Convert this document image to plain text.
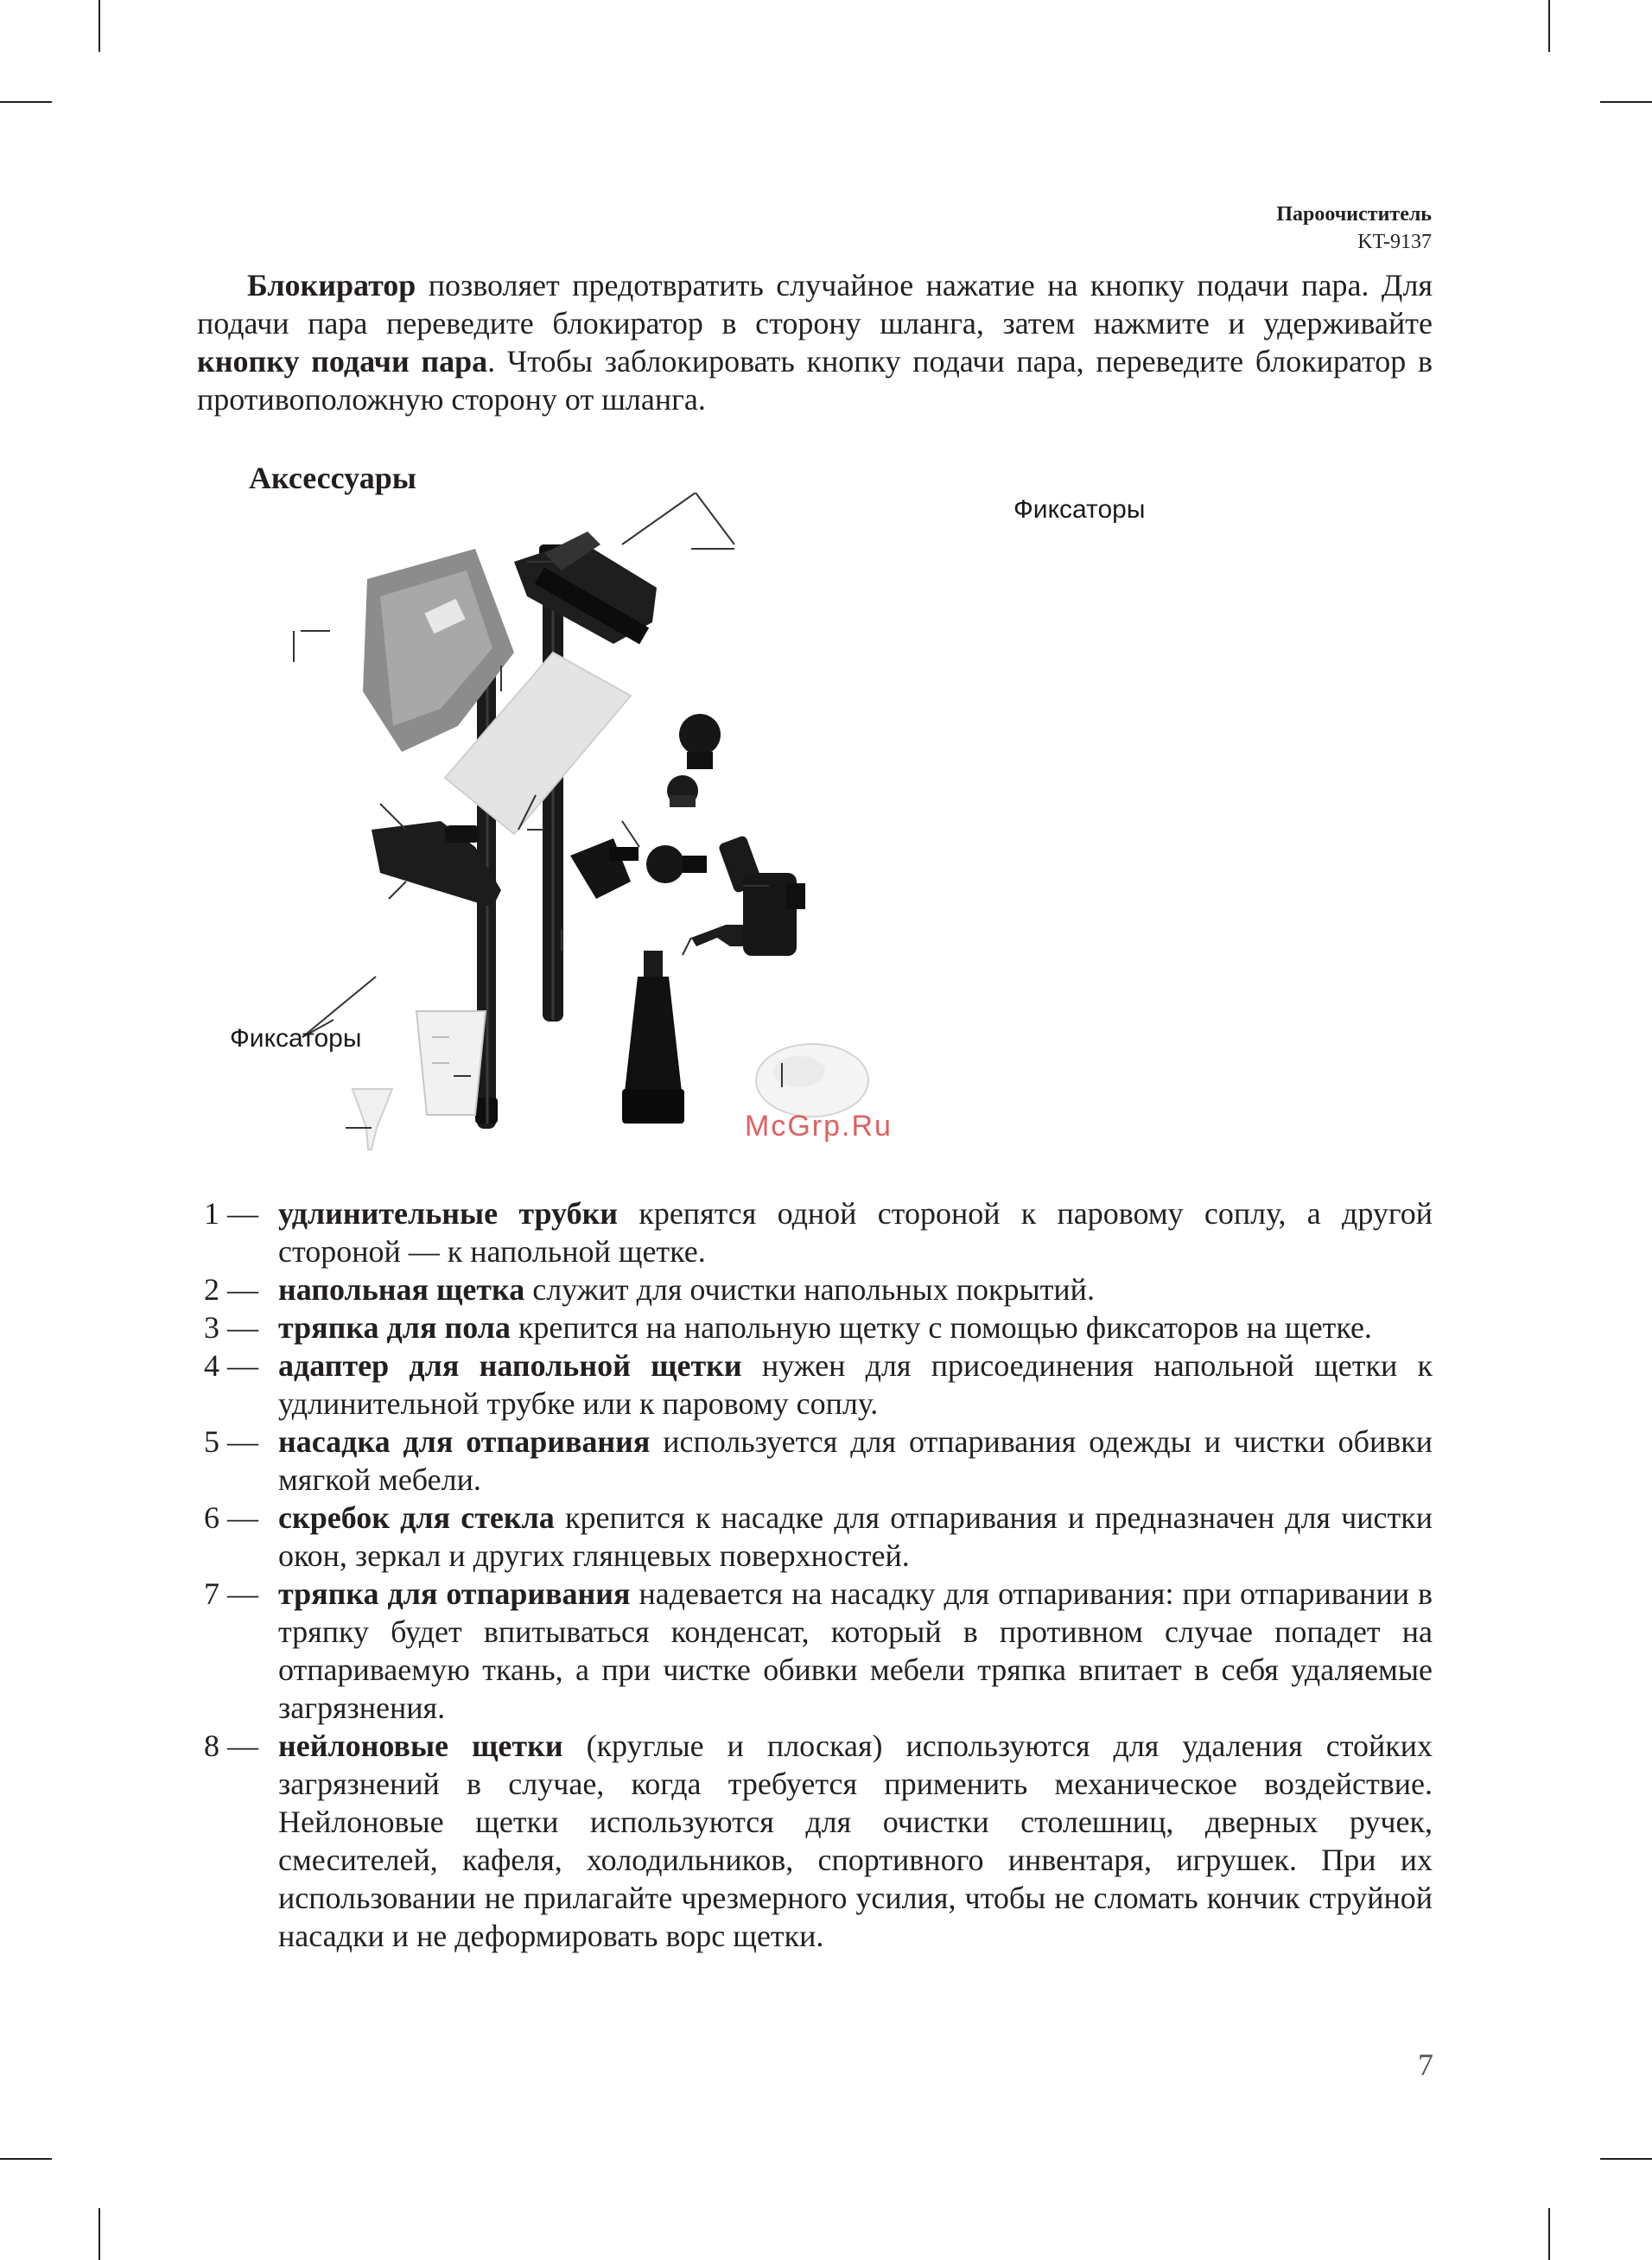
Пароочиститель
KT-9137

Блокиратор позволяет предотвратить случайное нажатие на кнопку подачи пара. Для подачи пара переведите блокиратор в сторону шланга, затем нажмите и удерживайте кнопку подачи пара. Чтобы заблокировать кнопку подачи пара, переведите блокиратор в противоположную сторону от шланга.

Аксессуары
Фиксаторы
Фиксаторы
McGrp.Ru
1 — удлинительные трубки крепятся одной стороной к паровому соплу, а другой стороной — к напольной щетке.
2 — напольная щетка служит для очистки напольных покрытий.
3 — тряпка для пола крепится на напольную щетку с помощью фиксаторов на щетке.
4 — адаптер для напольной щетки нужен для присоединения напольной щетки к удлинительной трубке или к паровому соплу.
5 — насадка для отпаривания используется для отпаривания одежды и чистки обивки мягкой мебели.
6 — скребок для стекла крепится к насадке для отпаривания и предназначен для чистки окон, зеркал и других глянцевых поверхностей.
7 — тряпка для отпаривания надевается на насадку для отпаривания: при отпаривании в тряпку будет впитываться конденсат, который в противном случае попадет на отпариваемую ткань, а при чистке обивки мебели тряпка впитает в себя удаляемые загрязнения.
8 — нейлоновые щетки (круглые и плоская) используются для удаления стойких загрязнений в случае, когда требуется применить механическое воздействие. Нейлоновые щетки используются для очистки столешниц, дверных ручек, смесителей, кафеля, холодильников, спортивного инвентаря, игрушек. При их использовании не прилагайте чрезмерного усилия, чтобы не сломать кончик струйной насадки и не деформировать ворс щетки.
7
